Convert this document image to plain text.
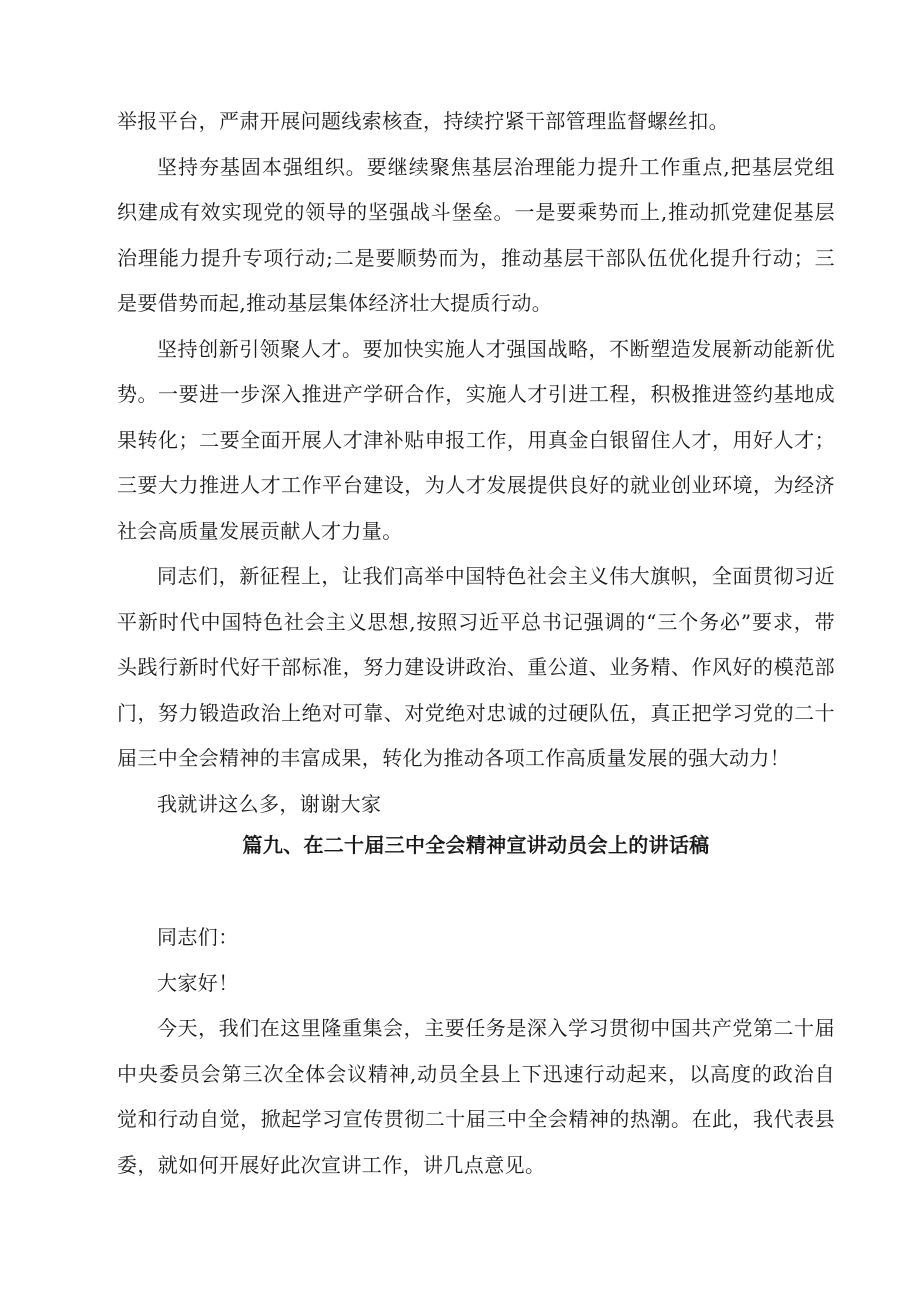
举报平台，严肃开展问题线索核查，持续拧紧干部管理监督螺丝扣。

坚持夯基固本强组织。要继续聚焦基层治理能力提升工作重点,把基层党组织建成有效实现党的领导的坚强战斗堡垒。一是要乘势而上,推动抓党建促基层治理能力提升专项行动;二是要顺势而为，推动基层干部队伍优化提升行动；三是要借势而起,推动基层集体经济壮大提质行动。

坚持创新引领聚人才。要加快实施人才强国战略，不断塑造发展新动能新优势。一要进一步深入推进产学研合作，实施人才引进工程，积极推进签约基地成果转化；二要全面开展人才津补贴申报工作，用真金白银留住人才，用好人才；三要大力推进人才工作平台建设，为人才发展提供良好的就业创业环境，为经济社会高质量发展贡献人才力量。

同志们，新征程上，让我们高举中国特色社会主义伟大旗帜，全面贯彻习近平新时代中国特色社会主义思想,按照习近平总书记强调的“三个务必”要求，带头践行新时代好干部标准，努力建设讲政治、重公道、业务精、作风好的模范部门，努力锻造政治上绝对可靠、对党绝对忠诚的过硬队伍，真正把学习党的二十届三中全会精神的丰富成果，转化为推动各项工作高质量发展的强大动力！

我就讲这么多，谢谢大家

篇九、在二十届三中全会精神宣讲动员会上的讲话稿

同志们：

大家好！

今天，我们在这里隆重集会，主要任务是深入学习贯彻中国共产党第二十届中央委员会第三次全体会议精神,动员全县上下迅速行动起来，以高度的政治自觉和行动自觉，掀起学习宣传贯彻二十届三中全会精神的热潮。在此，我代表县委，就如何开展好此次宣讲工作，讲几点意见。
